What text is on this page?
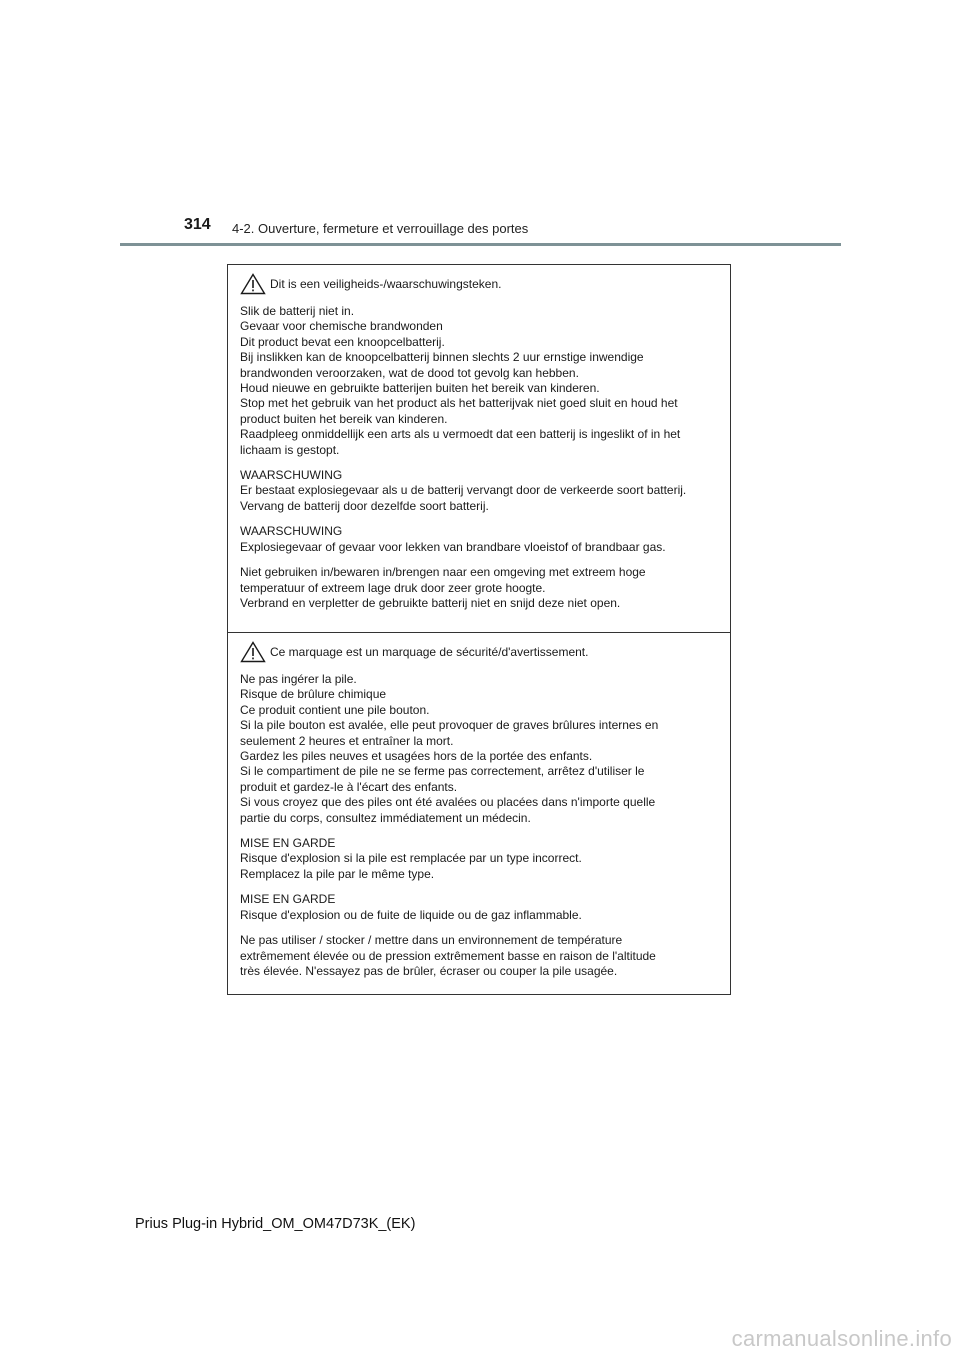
314 4-2. Ouverture, fermeture et verrouillage des portes
Dit is een veiligheids-/waarschuwingsteken.
Slik de batterij niet in.
Gevaar voor chemische brandwonden
Dit product bevat een knoopcelbatterij.
Bij inslikken kan de knoopcelbatterij binnen slechts 2 uur ernstige inwendige
brandwonden veroorzaken, wat de dood tot gevolg kan hebben.
Houd nieuwe en gebruikte batterijen buiten het bereik van kinderen.
Stop met het gebruik van het product als het batterijvak niet goed sluit en houd het
product buiten het bereik van kinderen.
Raadpleeg onmiddellijk een arts als u vermoedt dat een batterij is ingeslikt of in het
lichaam is gestopt.
WAARSCHUWING
Er bestaat explosiegevaar als u de batterij vervangt door de verkeerde soort batterij.
Vervang de batterij door dezelfde soort batterij.
WAARSCHUWING
Explosiegevaar of gevaar voor lekken van brandbare vloeistof of brandbaar gas.
Niet gebruiken in/bewaren in/brengen naar een omgeving met extreem hoge
temperatuur of extreem lage druk door zeer grote hoogte.
Verbrand en verpletter de gebruikte batterij niet en snijd deze niet open.
Ce marquage est un marquage de sécurité/d'avertissement.
Ne pas ingérer la pile.
Risque de brûlure chimique
Ce produit contient une pile bouton.
Si la pile bouton est avalée, elle peut provoquer de graves brûlures internes en
seulement 2 heures et entraîner la mort.
Gardez les piles neuves et usagées hors de la portée des enfants.
Si le compartiment de pile ne se ferme pas correctement, arrêtez d'utiliser le
produit et gardez-le à l'écart des enfants.
Si vous croyez que des piles ont été avalées ou placées dans n'importe quelle
partie du corps, consultez immédiatement un médecin.
MISE EN GARDE
Risque d'explosion si la pile est remplacée par un type incorrect.
Remplacez la pile par le même type.
MISE EN GARDE
Risque d'explosion ou de fuite de liquide ou de gaz inflammable.
Ne pas utiliser / stocker / mettre dans un environnement de température
extrêmement élevée ou de pression extrêmement basse en raison de l'altitude
très élevée. N'essayez pas de brûler, écraser ou couper la pile usagée.
Prius Plug-in Hybrid_OM_OM47D73K_(EK)
carmanualsonline.info
